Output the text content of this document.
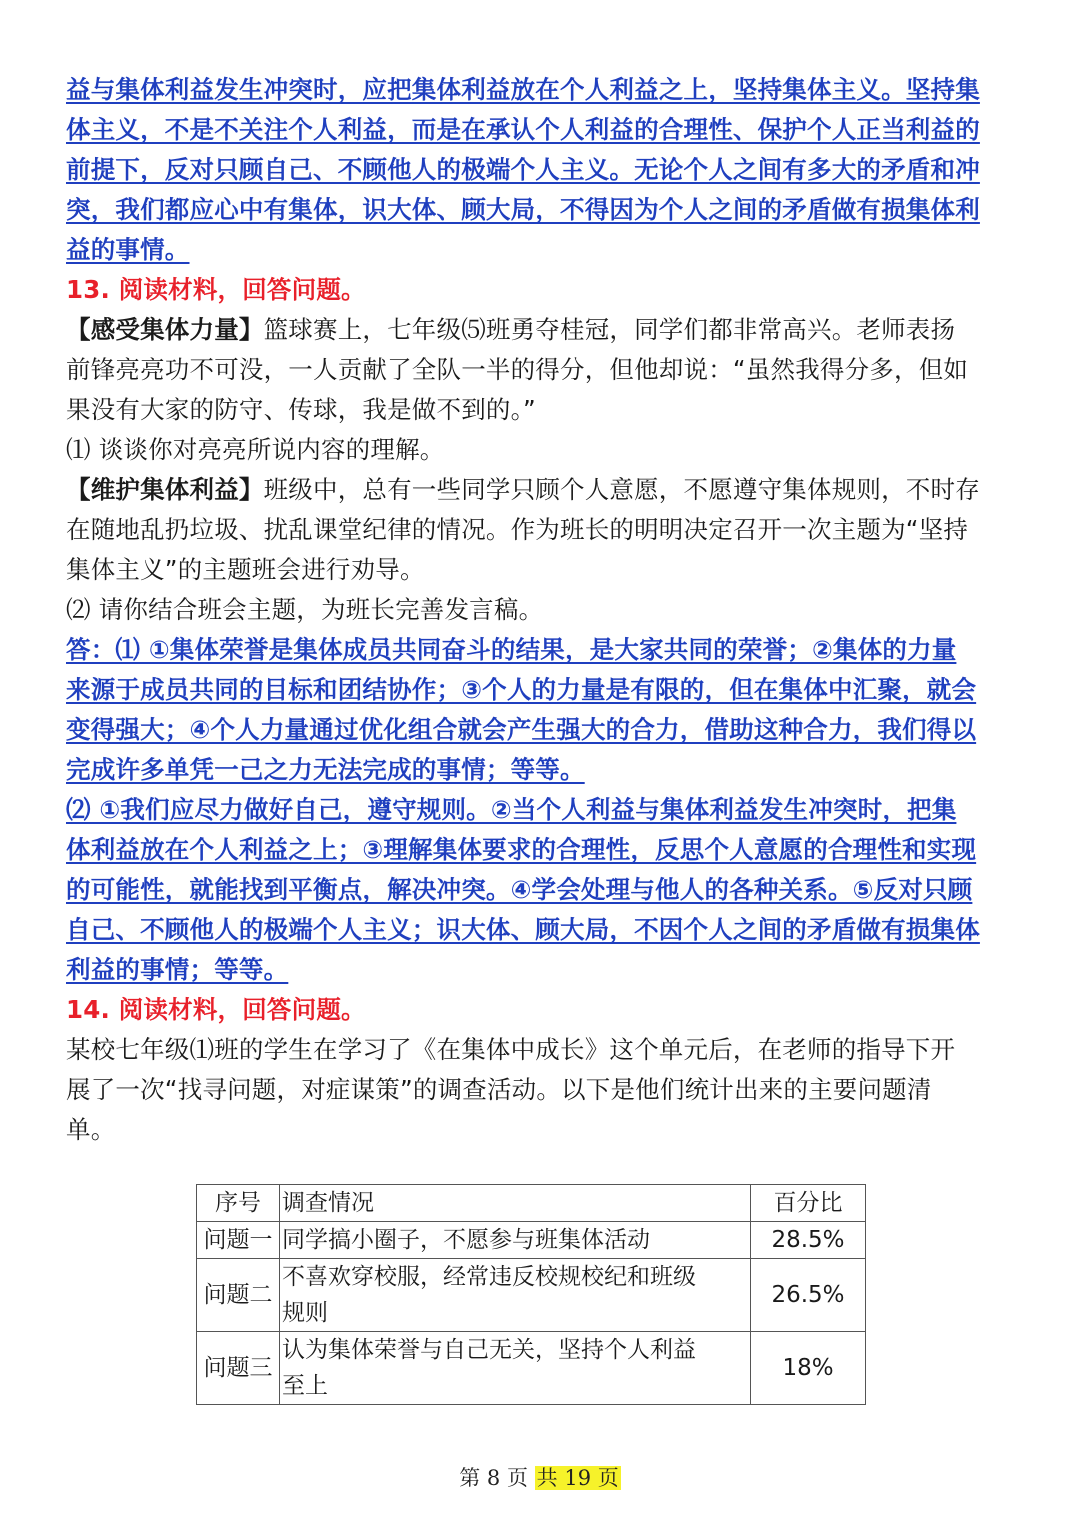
益与集体利益发生冲突时，应把集体利益放在个人利益之上，坚持集体主义。坚持集
体主义，不是不关注个人利益，而是在承认个人利益的合理性、保护个人正当利益的
前提下，反对只顾自己、不顾他人的极端个人主义。无论个人之间有多大的矛盾和冲
突，我们都应心中有集体，识大体、顾大局，不得因为个人之间的矛盾做有损集体利
益的事情。
13. 阅读材料，回答问题。
【感受集体力量】篮球赛上，七年级⑸班勇夺桂冠，同学们都非常高兴。老师表扬
前锋亮亮功不可没，一人贡献了全队一半的得分，但他却说：“虽然我得分多，但如
果没有大家的防守、传球，我是做不到的。”
⑴ 谈谈你对亮亮所说内容的理解。
【维护集体利益】班级中，总有一些同学只顾个人意愿，不愿遵守集体规则，不时存
在随地乱扔垃圾、扰乱课堂纪律的情况。作为班长的明明决定召开一次主题为“坚持
集体主义”的主题班会进行劝导。
⑵ 请你结合班会主题，为班长完善发言稿。
答：⑴ ①集体荣誉是集体成员共同奋斗的结果，是大家共同的荣誉；②集体的力量
来源于成员共同的目标和团结协作；③个人的力量是有限的，但在集体中汇聚，就会
变得强大；④个人力量通过优化组合就会产生强大的合力，借助这种合力，我们得以
完成许多单凭一己之力无法完成的事情；等等。
⑵ ①我们应尽力做好自己，遵守规则。②当个人利益与集体利益发生冲突时，把集
体利益放在个人利益之上；③理解集体要求的合理性，反思个人意愿的合理性和实现
的可能性，就能找到平衡点，解决冲突。④学会处理与他人的各种关系。⑤反对只顾
自己、不顾他人的极端个人主义；识大体、顾大局，不因个人之间的矛盾做有损集体
利益的事情；等等。
14. 阅读材料，回答问题。
某校七年级⑴班的学生在学习了《在集体中成长》这个单元后，在老师的指导下开
展了一次“找寻问题，对症谋策”的调查活动。以下是他们统计出来的主要问题清
单。
序号	调查情况	百分比
问题一	同学搞小圈子，不愿参与班集体活动	28.5%
问题二	不喜欢穿校服，经常违反校规校纪和班级
规则	26.5%
问题三	认为集体荣誉与自己无关，坚持个人利益
至上	18%
第 8 页 共 19 页
